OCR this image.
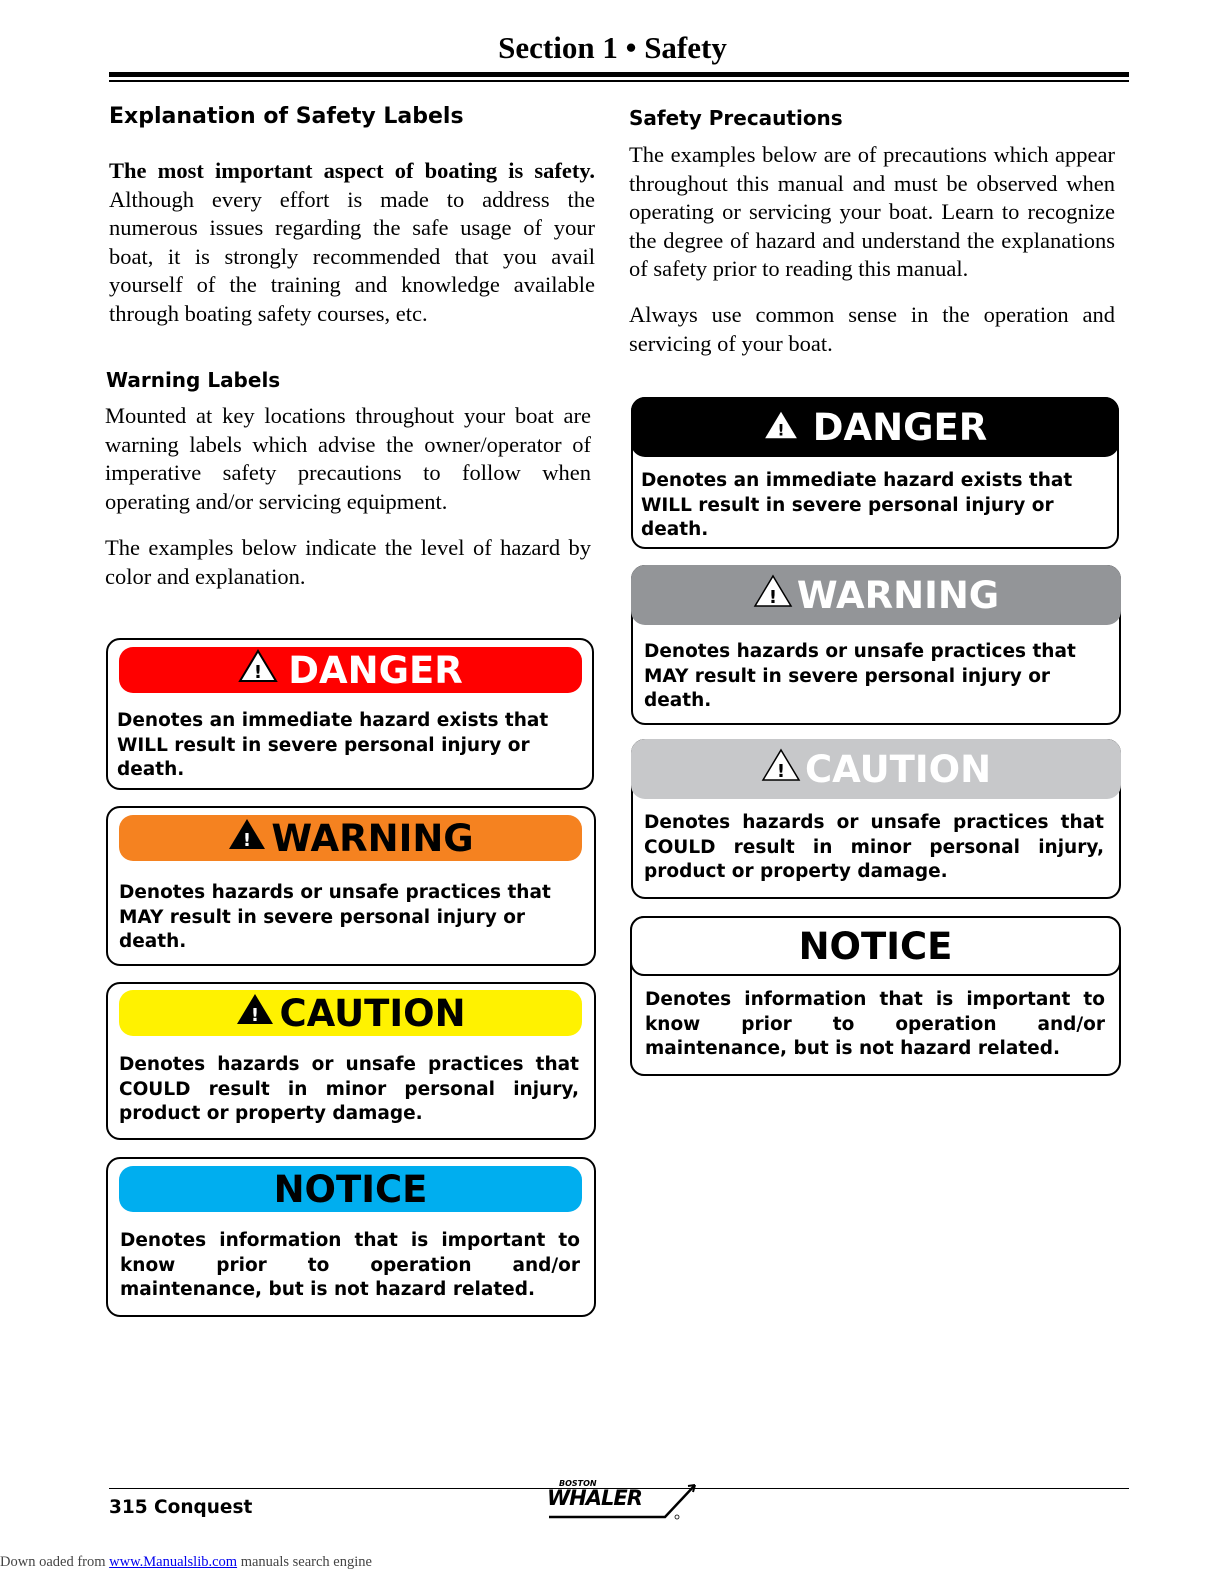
Section 1 • Safety
Explanation of Safety Labels

The most important aspect of boating is safety. Although every effort is made to address the numerous issues regarding the safe usage of your boat, it is strongly recommended that you avail yourself of the training and knowledge available through boating safety courses, etc.

Warning Labels

Mounted at key locations throughout your boat are warning labels which advise the owner/operator of imperative safety precautions to follow when operating and/or servicing equipment.

The examples below indicate the level of hazard by color and explanation.

! DANGER

Denotes an immediate hazard exists that WILL result in severe personal injury or death.

! WARNING

Denotes hazards or unsafe practices that MAY result in severe personal injury or death.

! CAUTION

Denotes hazards or unsafe practices that COULD result in minor personal injury, product or property damage.

NOTICE

Denotes information that is important to know prior to operation and/or maintenance, but is not hazard related.

Safety Precautions

The examples below are of precautions which appear throughout this manual and must be observed when operating or servicing your boat. Learn to recognize the degree of hazard and understand the explanations of safety prior to reading this manual.

Always use common sense in the operation and servicing of your boat.

! DANGER

Denotes an immediate hazard exists that WILL result in severe personal injury or death.

! WARNING

Denotes hazards or unsafe practices that MAY result in severe personal injury or death.

! CAUTION

Denotes hazards or unsafe practices that COULD result in minor personal injury, product or property damage.

NOTICE

Denotes information that is important to know prior to operation and/or maintenance, but is not hazard related.

315 Conquest
BOSTON
WHALER
Down oaded from www.Manualslib.com manuals search engine
